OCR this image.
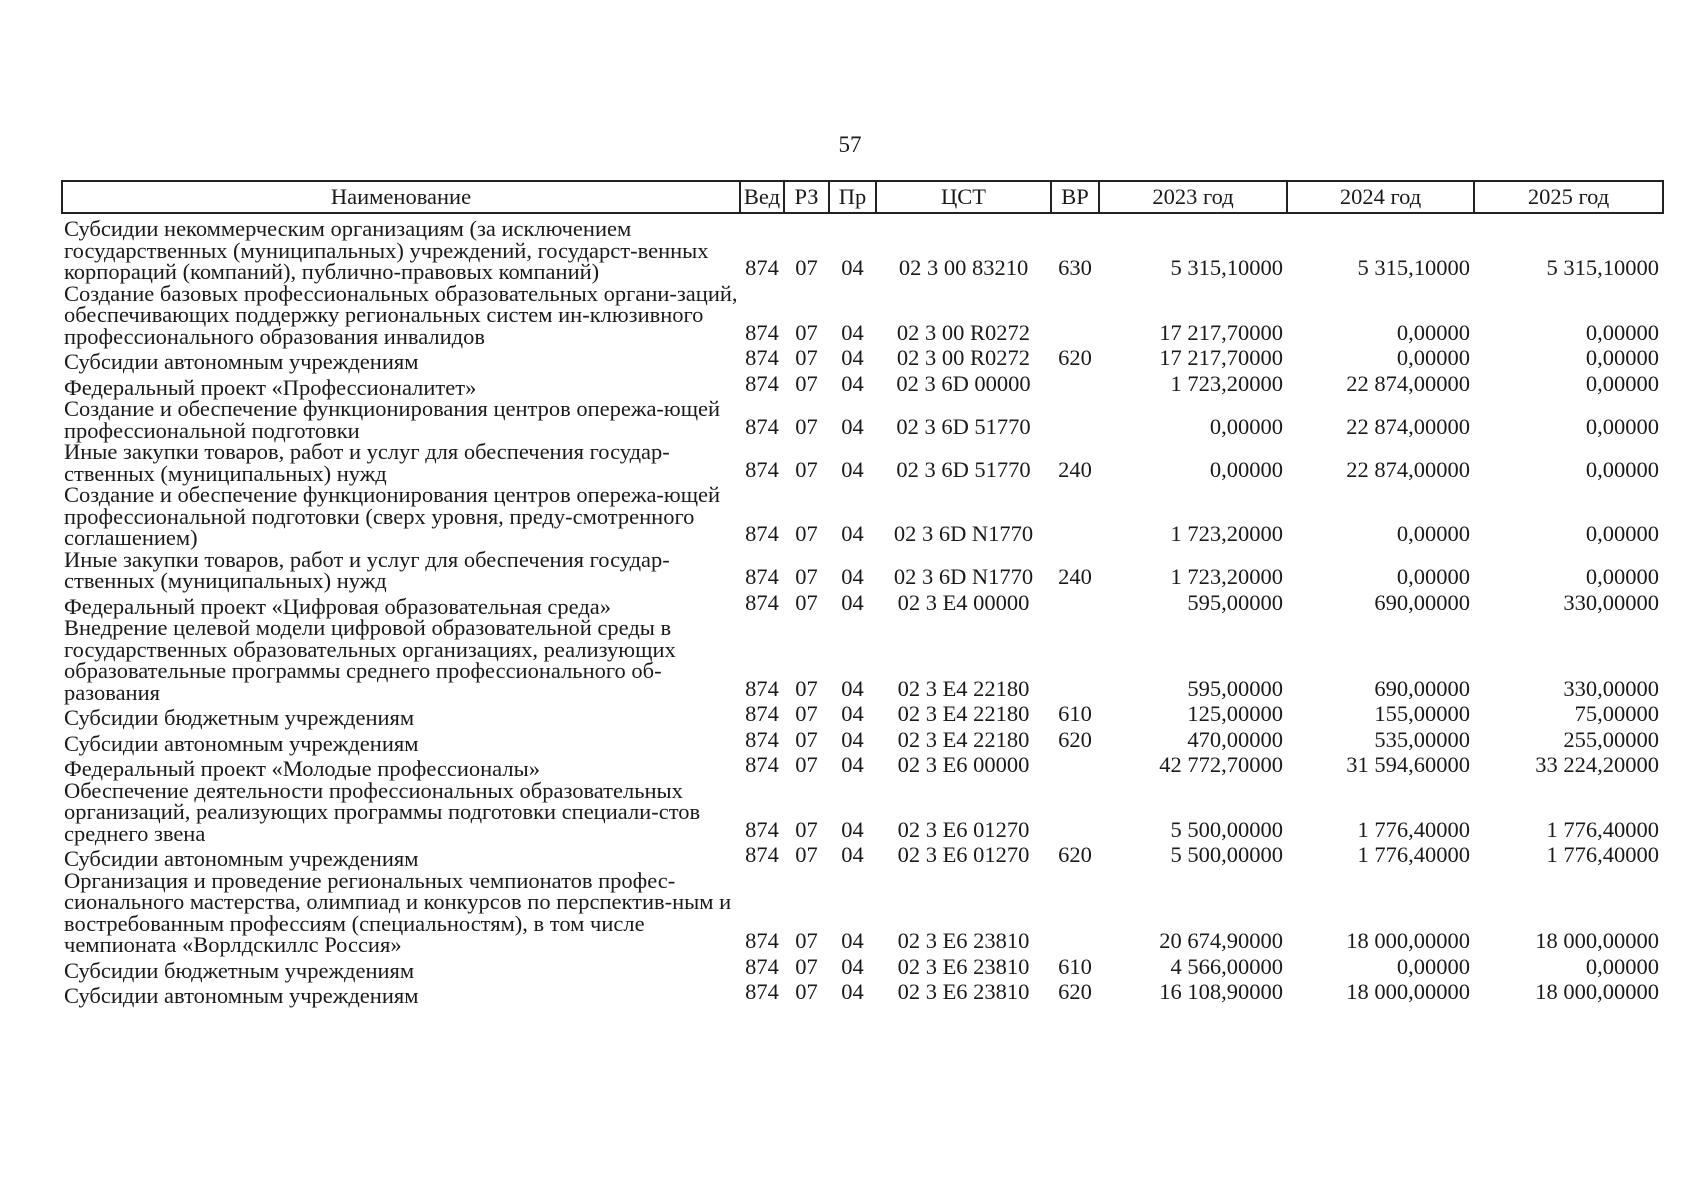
57
Наименование	Вед	РЗ	Пр	ЦСТ	ВР	2023 год	2024 год	2025 год
Субсидии некоммерческим организациям (за исключением государственных (муниципальных) учреждений, государст-венных корпораций (компаний), публично-правовых компаний)	874	07	04	02 3 00 83210	630	5 315,10000	5 315,10000	5 315,10000
Создание базовых профессиональных образовательных органи-заций, обеспечивающих поддержку региональных систем ин-клюзивного профессионального образования инвалидов	874	07	04	02 3 00 R0272		17 217,70000	0,00000	0,00000
Субсидии автономным учреждениям	874	07	04	02 3 00 R0272	620	17 217,70000	0,00000	0,00000
Федеральный проект «Профессионалитет»	874	07	04	02 3 6D 00000		1 723,20000	22 874,00000	0,00000
Создание и обеспечение функционирования центров опережа-ющей профессиональной подготовки	874	07	04	02 3 6D 51770		0,00000	22 874,00000	0,00000
Иные закупки товаров, работ и услуг для обеспечения государ-ственных (муниципальных) нужд	874	07	04	02 3 6D 51770	240	0,00000	22 874,00000	0,00000
Создание и обеспечение функционирования центров опережа-ющей профессиональной подготовки (сверх уровня, преду-смотренного соглашением)	874	07	04	02 3 6D N1770		1 723,20000	0,00000	0,00000
Иные закупки товаров, работ и услуг для обеспечения государ-ственных (муниципальных) нужд	874	07	04	02 3 6D N1770	240	1 723,20000	0,00000	0,00000
Федеральный проект «Цифровая образовательная среда»	874	07	04	02 3 E4 00000		595,00000	690,00000	330,00000
Внедрение целевой модели цифровой образовательной среды в государственных образовательных организациях, реализующих образовательные программы среднего профессионального об-разования	874	07	04	02 3 E4 22180		595,00000	690,00000	330,00000
Субсидии бюджетным учреждениям	874	07	04	02 3 E4 22180	610	125,00000	155,00000	75,00000
Субсидии автономным учреждениям	874	07	04	02 3 E4 22180	620	470,00000	535,00000	255,00000
Федеральный проект «Молодые профессионалы»	874	07	04	02 3 E6 00000		42 772,70000	31 594,60000	33 224,20000
Обеспечение деятельности профессиональных образовательных организаций, реализующих программы подготовки специали-стов среднего звена	874	07	04	02 3 E6 01270		5 500,00000	1 776,40000	1 776,40000
Субсидии автономным учреждениям	874	07	04	02 3 E6 01270	620	5 500,00000	1 776,40000	1 776,40000
Организация и проведение региональных чемпионатов профес-сионального мастерства, олимпиад и конкурсов по перспектив-ным и востребованным профессиям (специальностям), в том числе чемпионата «Ворлдскиллс Россия»	874	07	04	02 3 E6 23810		20 674,90000	18 000,00000	18 000,00000
Субсидии бюджетным учреждениям	874	07	04	02 3 E6 23810	610	4 566,00000	0,00000	0,00000
Субсидии автономным учреждениям	874	07	04	02 3 E6 23810	620	16 108,90000	18 000,00000	18 000,00000
